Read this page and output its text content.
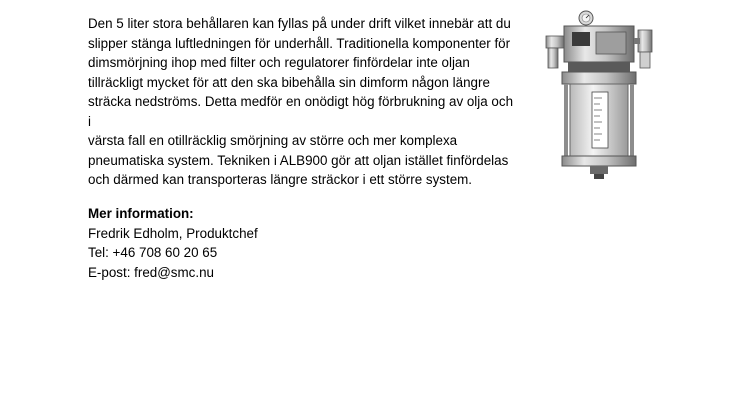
Den 5 liter stora behållaren kan fyllas på under drift vilket innebär att du
slipper stänga luftledningen för underhåll. Traditionella komponenter för
dimsmörjning ihop med filter och regulatorer finfördelar inte oljan
tillräckligt mycket för att den ska bibehålla sin dimform någon längre
sträcka nedströms. Detta medför en onödigt hög förbrukning av olja och i
värsta fall en otillräcklig smörjning av större och mer komplexa
pneumatiska system. Tekniken i ALB900 gör att oljan istället finfördelas
och därmed kan transporteras längre sträckor i ett större system.
Mer information:
Fredrik Edholm, Produktchef
Tel: +46 708 60 20 65
E-post: fred@smc.nu
